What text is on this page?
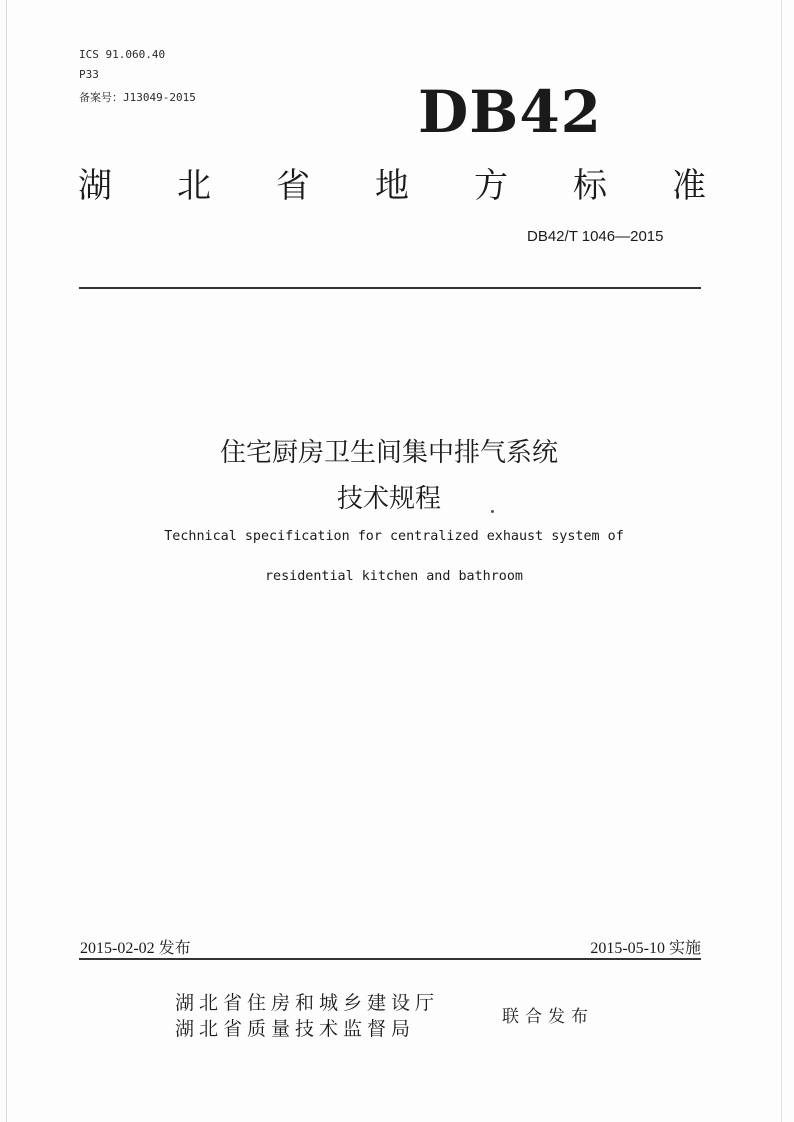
ICS 91.060.40
P33
备案号：J13049-2015	DB42
湖 北 省 地 方 标 准
DB42/T 1046—2015
住宅厨房卫生间集中排气系统
技术规程
Technical specification for centralized exhaust system of
residential kitchen and bathroom
2015-02-02 发布	2015-05-10 实施
湖北省住房和城乡建设厅
湖北省质量技术监督局
联合发布
